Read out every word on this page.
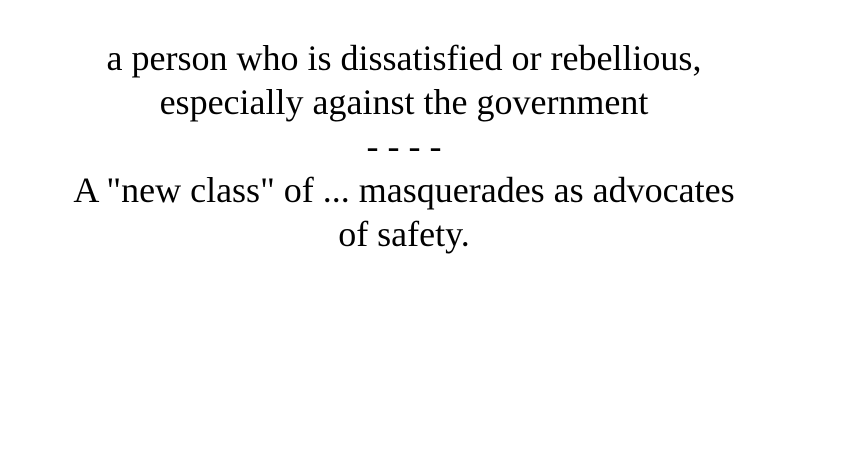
a person who is dissatisfied or rebellious,
especially against the government
- - - -
A "new class" of ... masquerades as advocates
of safety.
